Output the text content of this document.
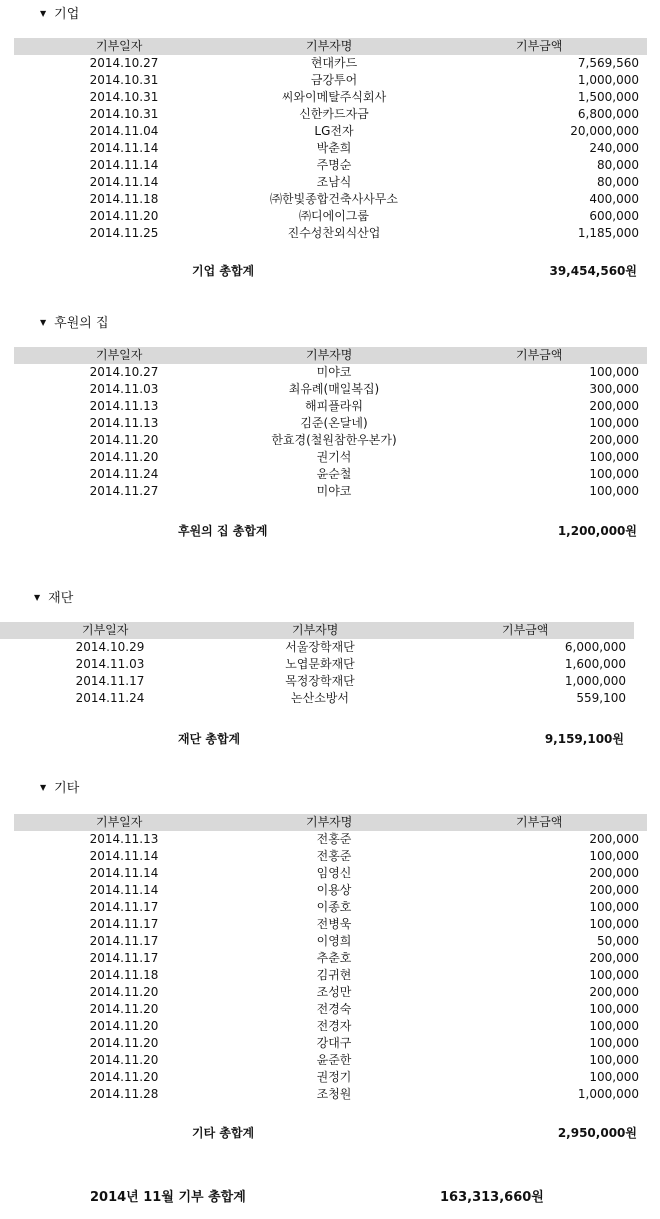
▼ 기업
기부일자	기부자명	기부금액
2014.10.27	현대카드	7,569,560
2014.10.31	금강투어	1,000,000
2014.10.31	씨와이메탈주식회사	1,500,000
2014.10.31	신한카드자금	6,800,000
2014.11.04	LG전자	20,000,000
2014.11.14	박춘희	240,000
2014.11.14	주명순	80,000
2014.11.14	조남식	80,000
2014.11.18	㈜한빛종합건축사사무소	400,000
2014.11.20	㈜디에이그룹	600,000
2014.11.25	진수성찬외식산업	1,185,000
기업 총합계	39,454,560원
▼ 후원의 집
기부일자	기부자명	기부금액
2014.10.27	미야코	100,000
2014.11.03	최유례(매일복집)	300,000
2014.11.13	해피플라워	200,000
2014.11.13	김준(온달네)	100,000
2014.11.20	한효경(철원참한우본가)	200,000
2014.11.20	권기석	100,000
2014.11.24	윤순철	100,000
2014.11.27	미야코	100,000
후원의 집 총합계	1,200,000원
▼ 재단
기부일자	기부자명	기부금액
2014.10.29	서울장학재단	6,000,000
2014.11.03	노엽문화재단	1,600,000
2014.11.17	목정장학재단	1,000,000
2014.11.24	논산소방서	559,100
재단 총합계	9,159,100원
▼ 기타
기부일자	기부자명	기부금액
2014.11.13	전홍준	200,000
2014.11.14	전홍준	100,000
2014.11.14	임영신	200,000
2014.11.14	이용상	200,000
2014.11.17	이종호	100,000
2014.11.17	전병욱	100,000
2014.11.17	이영희	50,000
2014.11.17	추춘호	200,000
2014.11.18	김귀현	100,000
2014.11.20	조성만	200,000
2014.11.20	전경숙	100,000
2014.11.20	전경자	100,000
2014.11.20	강대구	100,000
2014.11.20	윤준한	100,000
2014.11.20	권정기	100,000
2014.11.28	조청원	1,000,000
기타 총합계	2,950,000원
2014년 11월 기부 총합계	163,313,660원
